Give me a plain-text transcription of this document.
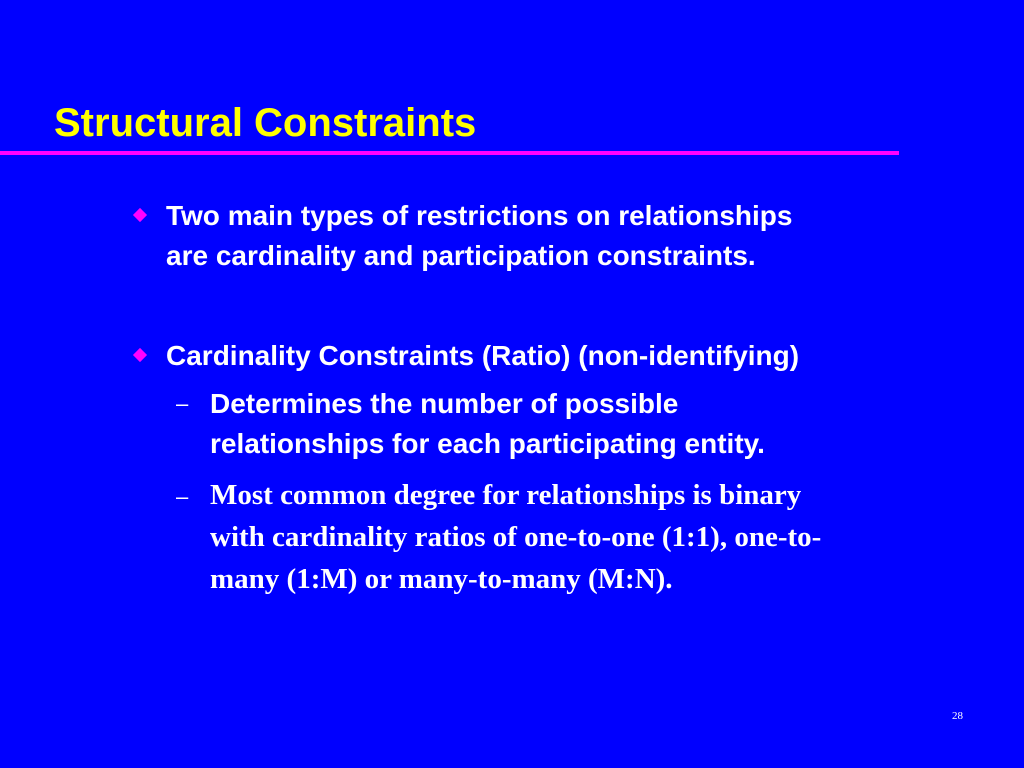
Structural Constraints
Two main types of restrictions on relationships
are cardinality and participation constraints.
Cardinality Constraints (Ratio) (non-identifying)
– Determines the number of possible
relationships for each participating entity.
– Most common degree for relationships is binary
with cardinality ratios of one-to-one (1:1), one-to-
many (1:M) or many-to-many (M:N).
28
